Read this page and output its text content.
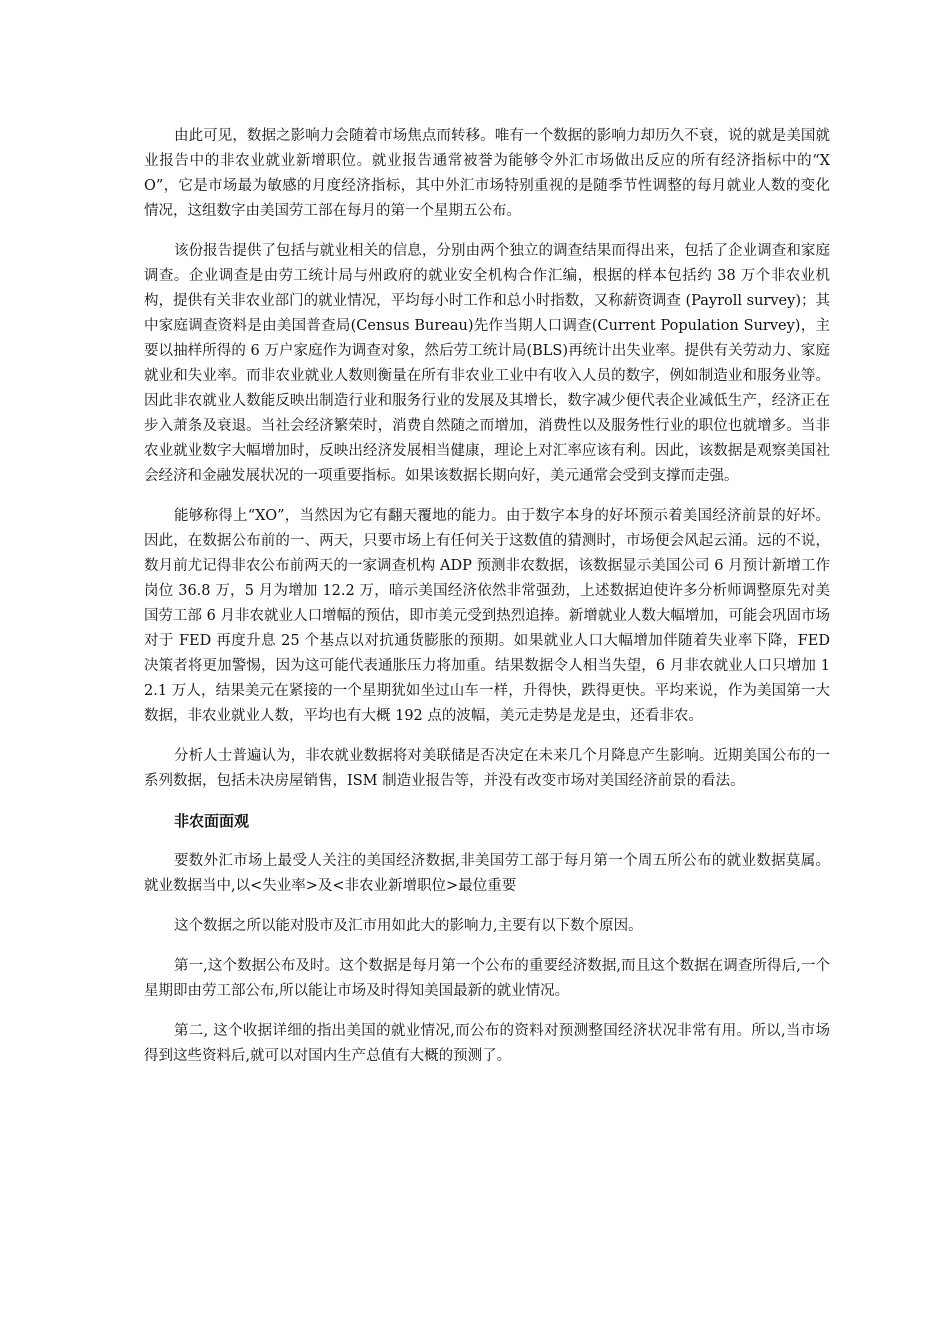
由此可见，数据之影响力会随着市场焦点而转移。唯有一个数据的影响力却历久不衰，说的就是美国就业报告中的非农业就业新增职位。就业报告通常被誉为能够令外汇市场做出反应的所有经济指标中的“XO”，它是市场最为敏感的月度经济指标，其中外汇市场特别重视的是随季节性调整的每月就业人数的变化情况，这组数字由美国劳工部在每月的第一个星期五公布。

该份报告提供了包括与就业相关的信息，分别由两个独立的调查结果而得出来，包括了企业调查和家庭调查。企业调查是由劳工统计局与州政府的就业安全机构合作汇编，根据的样本包括约 38 万个非农业机构，提供有关非农业部门的就业情况，平均每小时工作和总小时指数，又称薪资调查 (Payroll survey)；其中家庭调查资料是由美国普查局(Census Bureau)先作当期人口调查(Current Population Survey)，主要以抽样所得的 6 万户家庭作为调查对象，然后劳工统计局(BLS)再统计出失业率。提供有关劳动力、家庭就业和失业率。而非农业就业人数则衡量在所有非农业工业中有收入人员的数字，例如制造业和服务业等。因此非农就业人数能反映出制造行业和服务行业的发展及其增长，数字减少便代表企业减低生产，经济正在步入萧条及衰退。当社会经济繁荣时，消费自然随之而增加，消费性以及服务性行业的职位也就增多。当非农业就业数字大幅增加时，反映出经济发展相当健康，理论上对汇率应该有利。因此，该数据是观察美国社会经济和金融发展状况的一项重要指标。如果该数据长期向好，美元通常会受到支撑而走强。

能够称得上“XO”，当然因为它有翻天覆地的能力。由于数字本身的好坏预示着美国经济前景的好坏。因此，在数据公布前的一、两天，只要市场上有任何关于这数值的猜测时，市场便会风起云涌。远的不说，数月前尤记得非农公布前两天的一家调查机构 ADP 预测非农数据，该数据显示美国公司 6 月预计新增工作岗位 36.8 万，5 月为增加 12.2 万，暗示美国经济依然非常强劲，上述数据迫使许多分析师调整原先对美国劳工部 6 月非农就业人口增幅的预估，即市美元受到热烈追捧。新增就业人数大幅增加，可能会巩固市场对于 FED 再度升息 25 个基点以对抗通货膨胀的预期。如果就业人口大幅增加伴随着失业率下降，FED 决策者将更加警惕，因为这可能代表通胀压力将加重。结果数据令人相当失望，6 月非农就业人口只增加 12.1 万人，结果美元在紧接的一个星期犹如坐过山车一样，升得快，跌得更快。平均来说，作为美国第一大数据，非农业就业人数，平均也有大概 192 点的波幅，美元走势是龙是虫，还看非农。

分析人士普遍认为，非农就业数据将对美联储是否决定在未来几个月降息产生影响。近期美国公布的一系列数据，包括未决房屋销售，ISM 制造业报告等，并没有改变市场对美国经济前景的看法。

非农面面观

要数外汇市场上最受人关注的美国经济数据,非美国劳工部于每月第一个周五所公布的就业数据莫属。就业数据当中,以<失业率>及<非农业新增职位>最位重要

这个数据之所以能对股市及汇市用如此大的影响力,主要有以下数个原因。

第一,这个数据公布及时。这个数据是每月第一个公布的重要经济数据,而且这个数据在调查所得后,一个星期即由劳工部公布,所以能让市场及时得知美国最新的就业情况。

第二, 这个收据详细的指出美国的就业情况,而公布的资料对预测整国经济状况非常有用。所以,当市场得到这些资料后,就可以对国内生产总值有大概的预测了。
